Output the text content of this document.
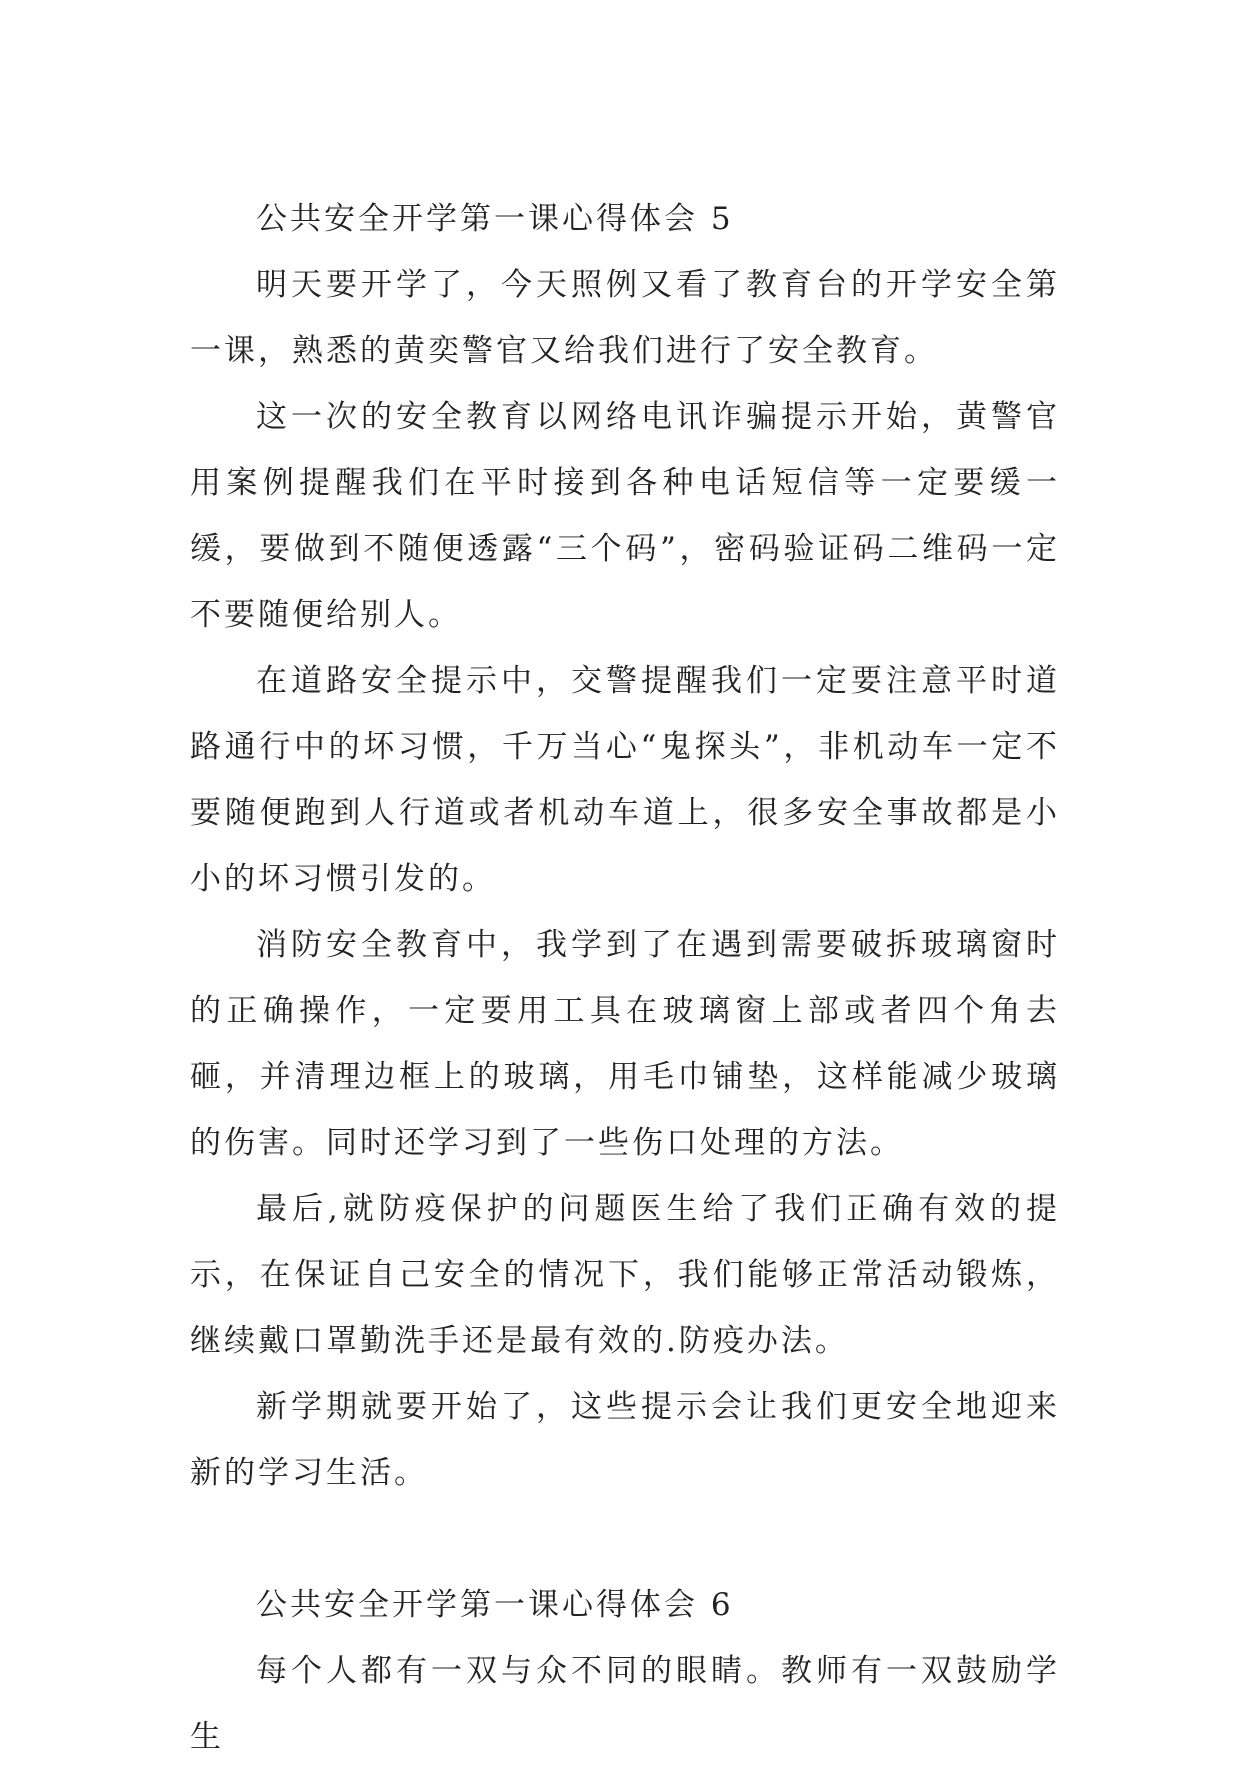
公共安全开学第一课心得体会 5

明天要开学了，今天照例又看了教育台的开学安全第一课，熟悉的黄奕警官又给我们进行了安全教育。

这一次的安全教育以网络电讯诈骗提示开始，黄警官用案例提醒我们在平时接到各种电话短信等一定要缓一缓，要做到不随便透露“三个码”，密码验证码二维码一定不要随便给别人。

在道路安全提示中，交警提醒我们一定要注意平时道路通行中的坏习惯，千万当心“鬼探头”，非机动车一定不要随便跑到人行道或者机动车道上，很多安全事故都是小小的坏习惯引发的。

消防安全教育中，我学到了在遇到需要破拆玻璃窗时的正确操作，一定要用工具在玻璃窗上部或者四个角去砸，并清理边框上的玻璃，用毛巾铺垫，这样能减少玻璃的伤害。同时还学习到了一些伤口处理的方法。

最后,就防疫保护的问题医生给了我们正确有效的提示，在保证自己安全的情况下，我们能够正常活动锻炼，继续戴口罩勤洗手还是最有效的.防疫办法。

新学期就要开始了，这些提示会让我们更安全地迎来新的学习生活。

公共安全开学第一课心得体会 6

每个人都有一双与众不同的眼睛。教师有一双鼓励学生
